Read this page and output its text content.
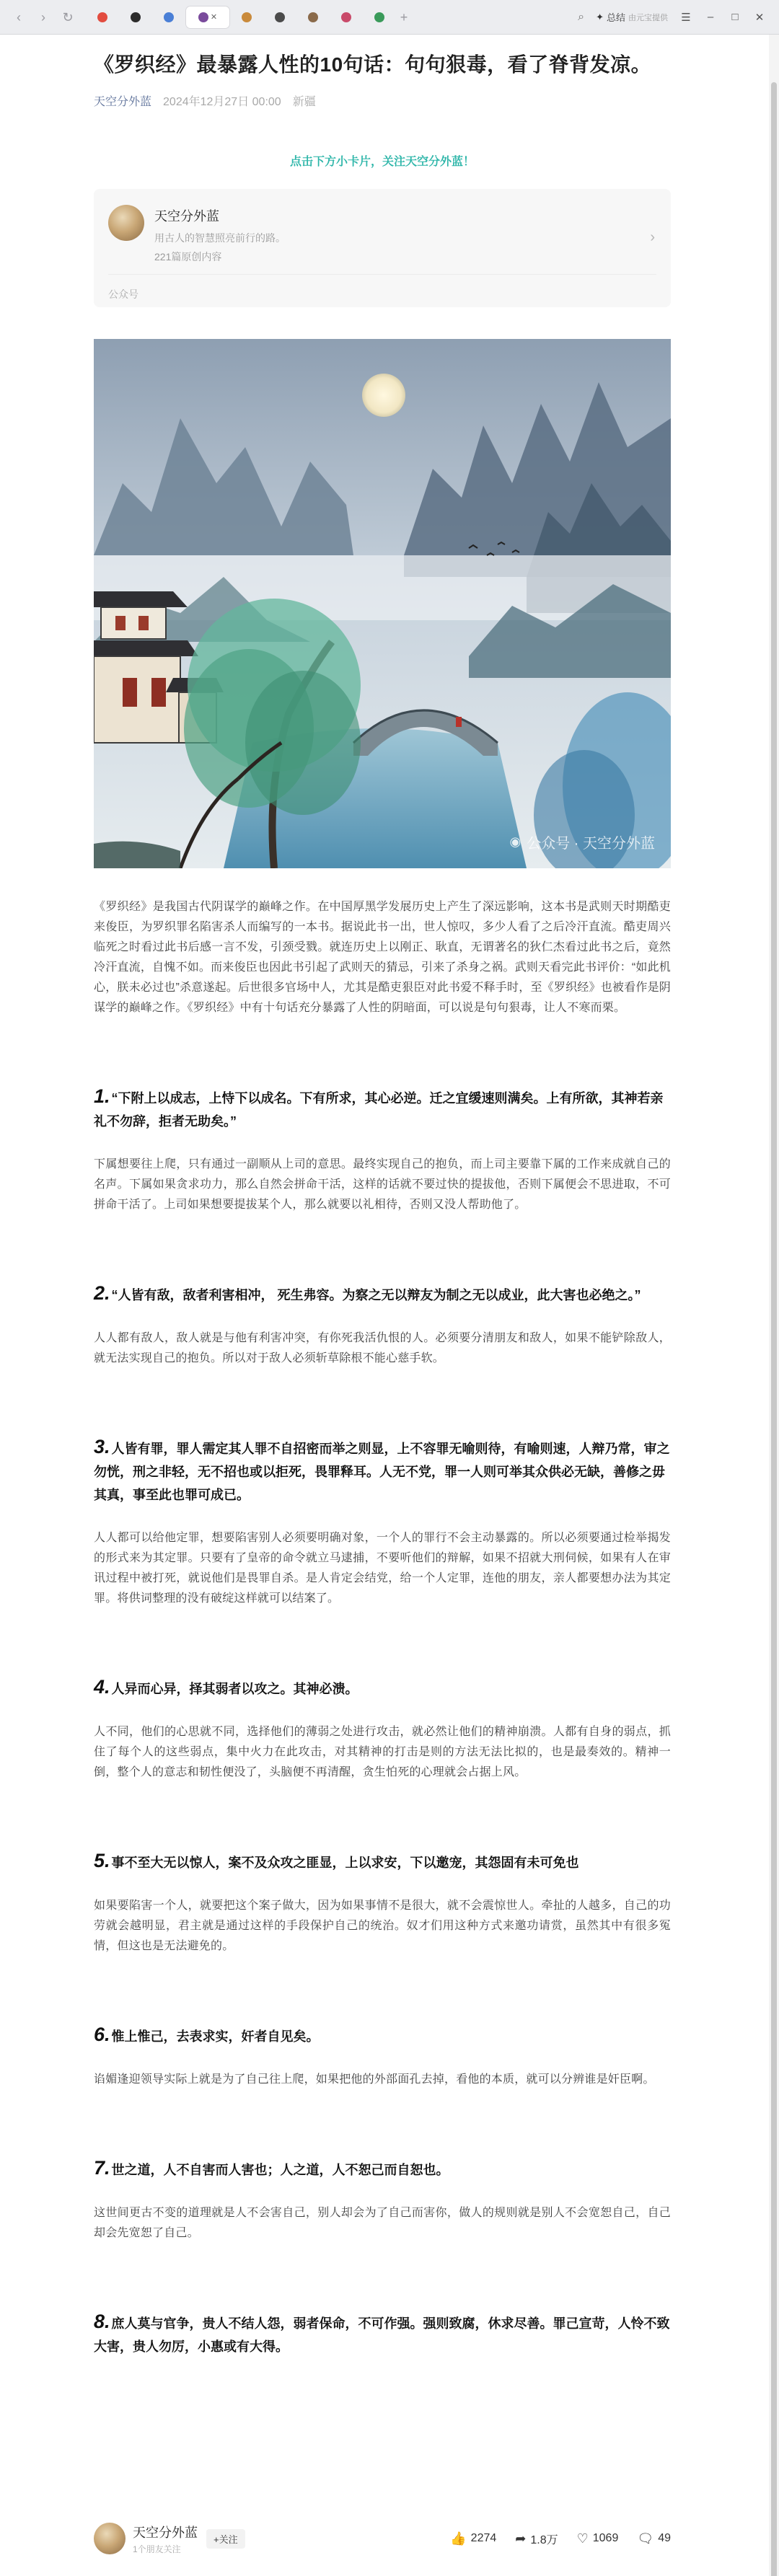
‹	›	↻	✕	+	⌕ ✦ 总结 由元宝提供 ☰	–	□ ✕
《罗织经》最暴露人性的10句话：句句狠毒，看了脊背发凉。
天空分外蓝 2024年12月27日 00:00 新疆
点击下方小卡片，关注天空分外蓝！
天空分外蓝
用古人的智慧照亮前行的路。
221篇原创内容
›
公众号
◉ 公众号 · 天空分外蓝

《罗织经》是我国古代阴谋学的巅峰之作。在中国厚黑学发展历史上产生了深远影响，这本书是武则天时期酷吏来俊臣，为罗织罪名陷害杀人而编写的一本书。据说此书一出，世人惊叹，多少人看了之后冷汗直流。酷吏周兴临死之时看过此书后感一言不发，引颈受戮。就连历史上以刚正、耿直，无谓著名的狄仁杰看过此书之后，竟然冷汗直流，自愧不如。而来俊臣也因此书引起了武则天的猜忌，引来了杀身之祸。武则天看完此书评价：“如此机心，朕未必过也”杀意遂起。后世很多官场中人，尤其是酷吏狠臣对此书爱不释手时，至《罗织经》也被看作是阴谋学的巅峰之作。《罗织经》中有十句话充分暴露了人性的阴暗面，可以说是句句狠毒，让人不寒而栗。

1. “下附上以成志，上恃下以成名。下有所求，其心必逆。迁之宜缓速则满矣。上有所欲，其神若亲礼不勿辞，拒者无助矣。”

下属想要往上爬，只有通过一副顺从上司的意思。最终实现自己的抱负，而上司主要靠下属的工作来成就自己的名声。下属如果贪求功力，那么自然会拼命干活，这样的话就不要过快的提拔他，否则下属便会不思进取，不可拼命干活了。上司如果想要提拔某个人，那么就要以礼相待，否则又没人帮助他了。

2. “人皆有敌，敌者利害相冲， 死生弗容。为察之无以辩友为制之无以成业，此大害也必绝之。”

人人都有敌人，敌人就是与他有利害冲突，有你死我活仇恨的人。必须要分清朋友和敌人，如果不能铲除敌人，就无法实现自己的抱负。所以对于敌人必须斩草除根不能心慈手软。

3. 人皆有罪，罪人需定其人罪不自招密而举之则显，上不容罪无喻则待，有喻则速，人辩乃常，审之勿恍，刑之非轻，无不招也或以拒死，畏罪释耳。人无不党，罪一人则可举其众供必无缺，善修之毋其真，事至此也罪可成已。

人人都可以给他定罪，想要陷害别人必须要明确对象，一个人的罪行不会主动暴露的。所以必须要通过检举揭发的形式来为其定罪。只要有了皇帝的命令就立马逮捕，不要听他们的辩解，如果不招就大刑伺候，如果有人在审讯过程中被打死，就说他们是畏罪自杀。是人肯定会结党，给一个人定罪，连他的朋友，亲人都要想办法为其定罪。将供词整理的没有破绽这样就可以结案了。

4. 人异而心异，择其弱者以攻之。其神必溃。

人不同，他们的心思就不同，选择他们的薄弱之处进行攻击，就必然让他们的精神崩溃。人都有自身的弱点，抓住了每个人的这些弱点，集中火力在此攻击，对其精神的打击是则的方法无法比拟的，也是最奏效的。精神一倒，整个人的意志和韧性便没了，头脑便不再清醒，贪生怕死的心理就会占据上风。

5. 事不至大无以惊人，案不及众攻之匪显，上以求安，下以邀宠，其怨固有未可免也

如果要陷害一个人，就要把这个案子做大，因为如果事情不是很大，就不会震惊世人。牵扯的人越多，自己的功劳就会越明显，君主就是通过这样的手段保护自己的统治。奴才们用这种方式来邀功请赏，虽然其中有很多冤情，但这也是无法避免的。

6. 惟上惟己，去表求实，奸者自见矣。

谄媚逢迎领导实际上就是为了自己往上爬，如果把他的外部面孔去掉，看他的本质，就可以分辨谁是奸臣啊。

7. 世之道，人不自害而人害也；人之道，人不恕己而自恕也。

这世间更古不变的道理就是人不会害自己，别人却会为了自己而害你，做人的规则就是别人不会宽恕自己，自己却会先宽恕了自己。

8. 庶人莫与官争，贵人不结人怨，弱者保命，不可作强。强则致腐，休求尽善。罪己宣苛，人怜不致大害，贵人勿厉，小惠或有大得。
天空分外蓝
1个朋友关注
+关注	👍 2274 ➦ 1.8万 ♡ 1069 🗨 49
